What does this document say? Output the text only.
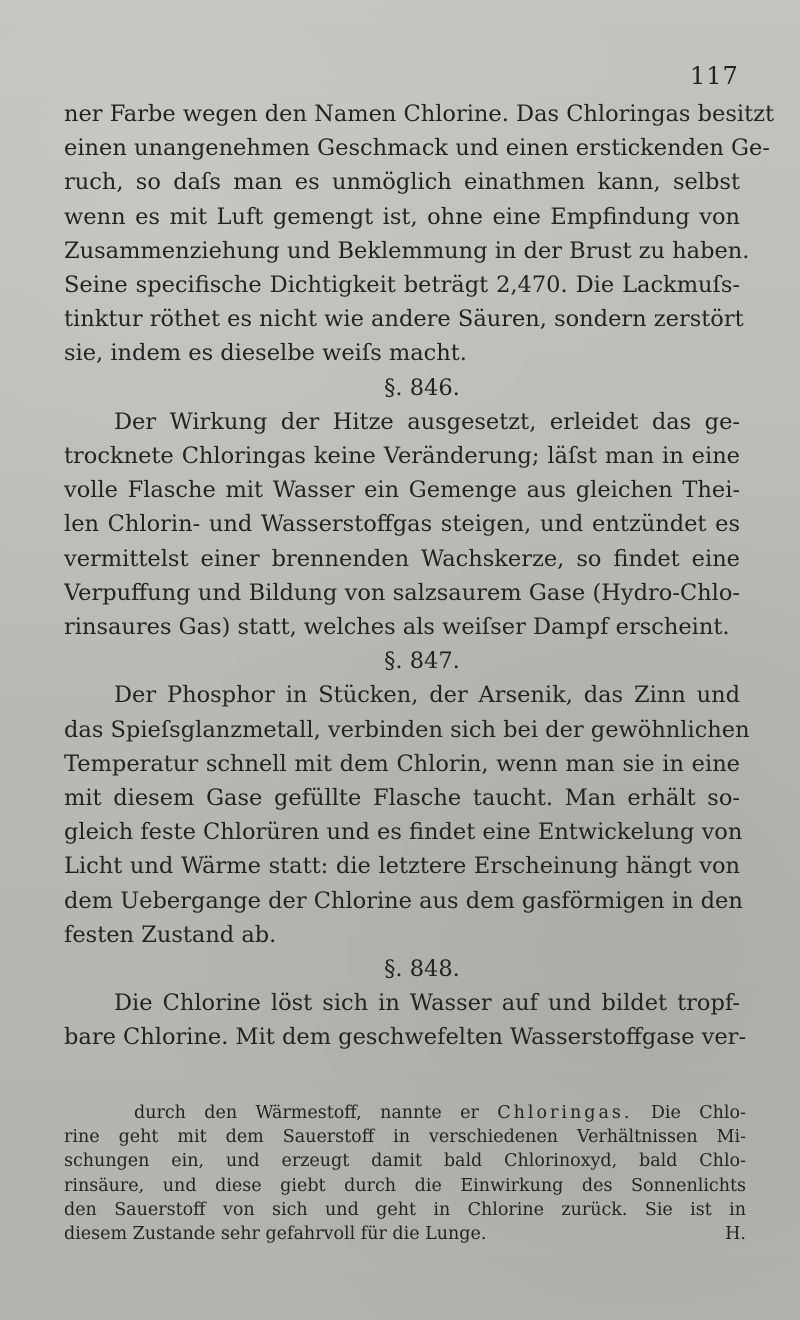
117
ner Farbe wegen den Namen Chlorine. Das Chloringas besitzt
einen unangenehmen Geschmack und einen erstickenden Ge-
ruch, so daſs man es unmöglich einathmen kann, selbst
wenn es mit Luft gemengt ist, ohne eine Empfindung von
Zusammenziehung und Beklemmung in der Brust zu haben.
Seine specifische Dichtigkeit beträgt 2,470. Die Lackmuſs-
tinktur röthet es nicht wie andere Säuren, sondern zerstört
sie, indem es dieselbe weiſs macht.
§. 846.
Der Wirkung der Hitze ausgesetzt, erleidet das ge-
trocknete Chloringas keine Veränderung; läſst man in eine
volle Flasche mit Wasser ein Gemenge aus gleichen Thei-
len Chlorin- und Wasserstoffgas steigen, und entzündet es
vermittelst einer brennenden Wachskerze, so findet eine
Verpuffung und Bildung von salzsaurem Gase (Hydro-Chlo-
rinsaures Gas) statt, welches als weiſser Dampf erscheint.
§. 847.
Der Phosphor in Stücken, der Arsenik, das Zinn und
das Spieſsglanzmetall, verbinden sich bei der gewöhnlichen
Temperatur schnell mit dem Chlorin, wenn man sie in eine
mit diesem Gase gefüllte Flasche taucht. Man erhält so-
gleich feste Chlorüren und es findet eine Entwickelung von
Licht und Wärme statt: die letztere Erscheinung hängt von
dem Uebergange der Chlorine aus dem gasförmigen in den
festen Zustand ab.
§. 848.
Die Chlorine löst sich in Wasser auf und bildet tropf-
bare Chlorine. Mit dem geschwefelten Wasserstoffgase ver-
durch den Wärmestoff, nannte er Chloringas. Die Chlo-
rine geht mit dem Sauerstoff in verschiedenen Verhältnissen Mi-
schungen ein, und erzeugt damit bald Chlorinoxyd, bald Chlo-
rinsäure, und diese giebt durch die Einwirkung des Sonnenlichts
den Sauerstoff von sich und geht in Chlorine zurück. Sie ist in
diesem Zustande sehr gefahrvoll für die Lunge.	H.
